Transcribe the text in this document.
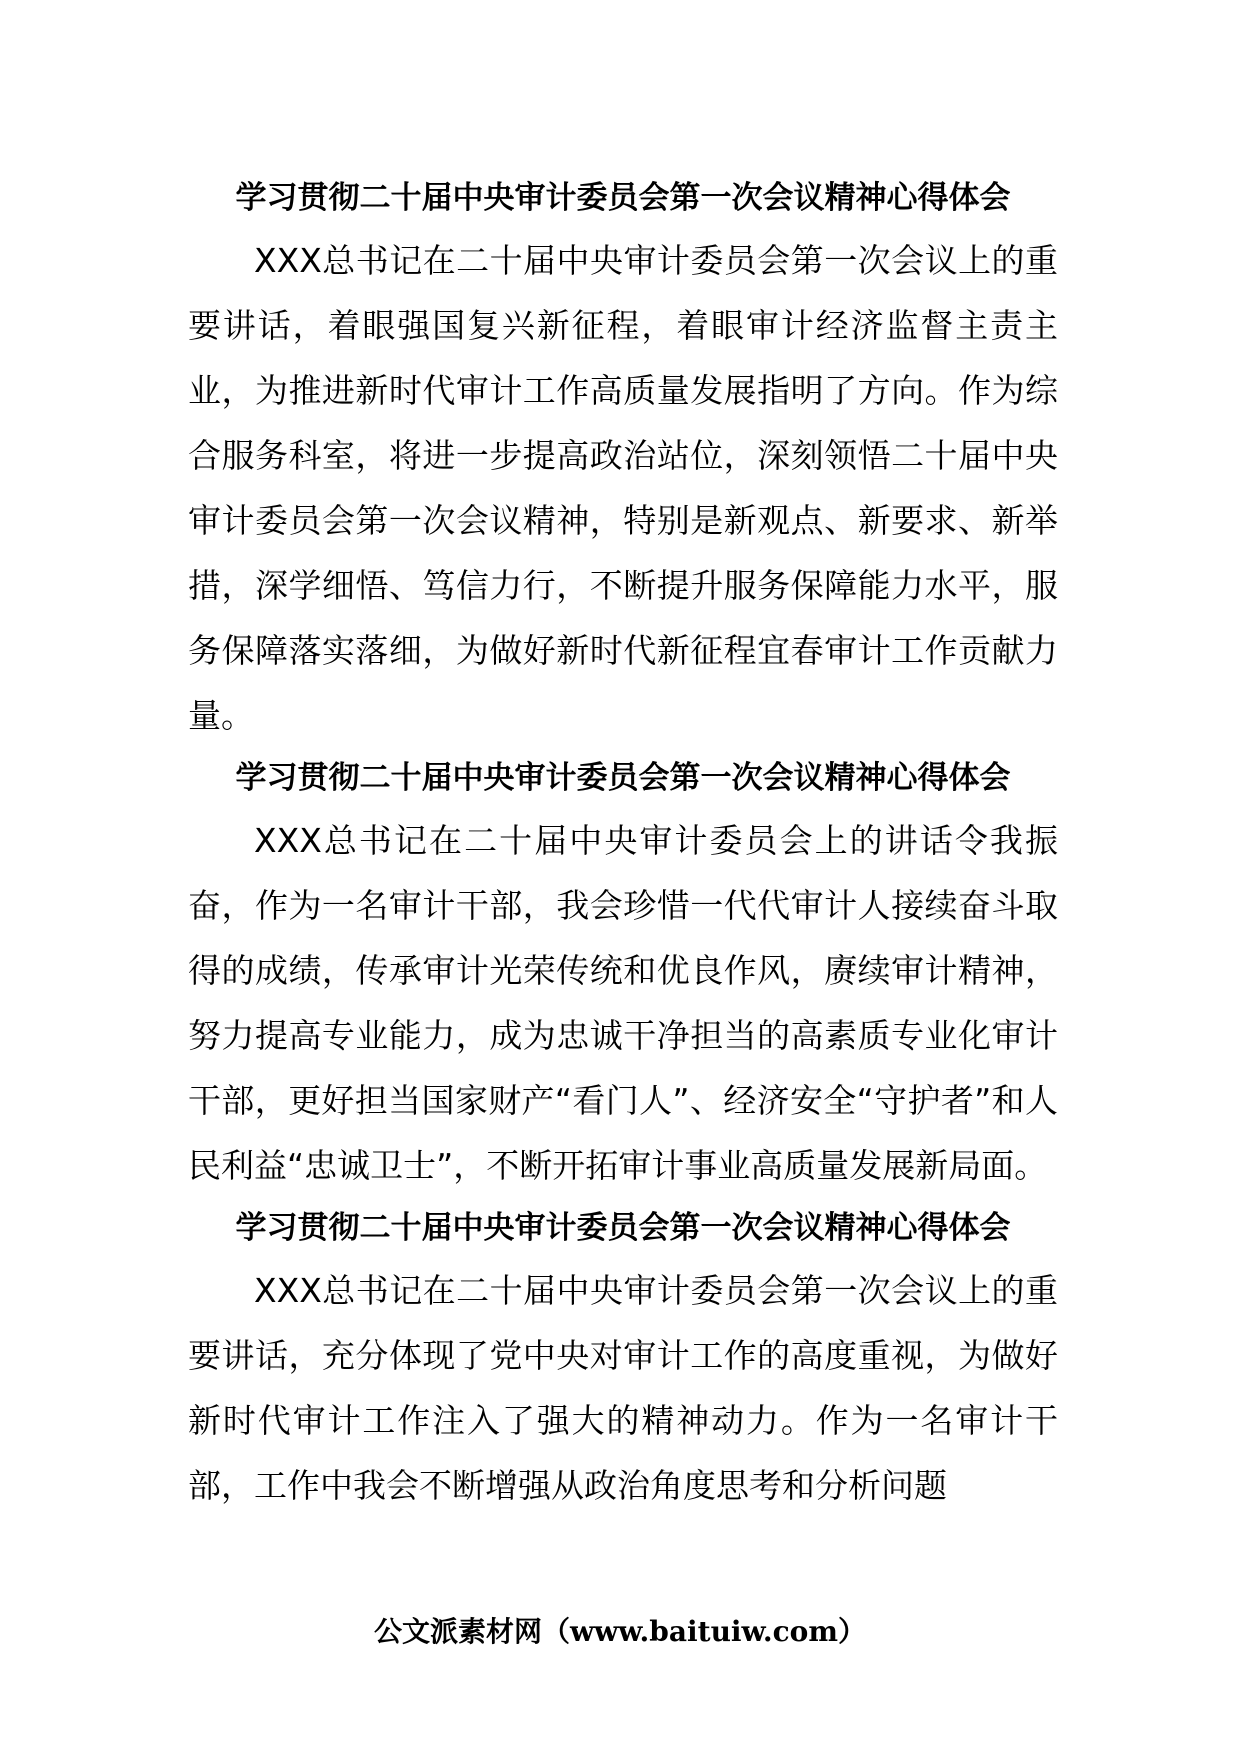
学习贯彻二十届中央审计委员会第一次会议精神心得体会

XXX总书记在二十届中央审计委员会第一次会议上的重要讲话，着眼强国复兴新征程，着眼审计经济监督主责主业，为推进新时代审计工作高质量发展指明了方向。作为综合服务科室，将进一步提高政治站位，深刻领悟二十届中央审计委员会第一次会议精神，特别是新观点、新要求、新举措，深学细悟、笃信力行，不断提升服务保障能力水平，服务保障落实落细，为做好新时代新征程宜春审计工作贡献力量。

学习贯彻二十届中央审计委员会第一次会议精神心得体会

XXX总书记在二十届中央审计委员会上的讲话令我振奋，作为一名审计干部，我会珍惜一代代审计人接续奋斗取得的成绩，传承审计光荣传统和优良作风，赓续审计精神，努力提高专业能力，成为忠诚干净担当的高素质专业化审计干部，更好担当国家财产“看门人”、经济安全“守护者”和人民利益“忠诚卫士”，不断开拓审计事业高质量发展新局面。

学习贯彻二十届中央审计委员会第一次会议精神心得体会

XXX总书记在二十届中央审计委员会第一次会议上的重要讲话，充分体现了党中央对审计工作的高度重视，为做好新时代审计工作注入了强大的精神动力。作为一名审计干部，工作中我会不断增强从政治角度思考和分析问题

公文派素材网（www.baituiw.com）
